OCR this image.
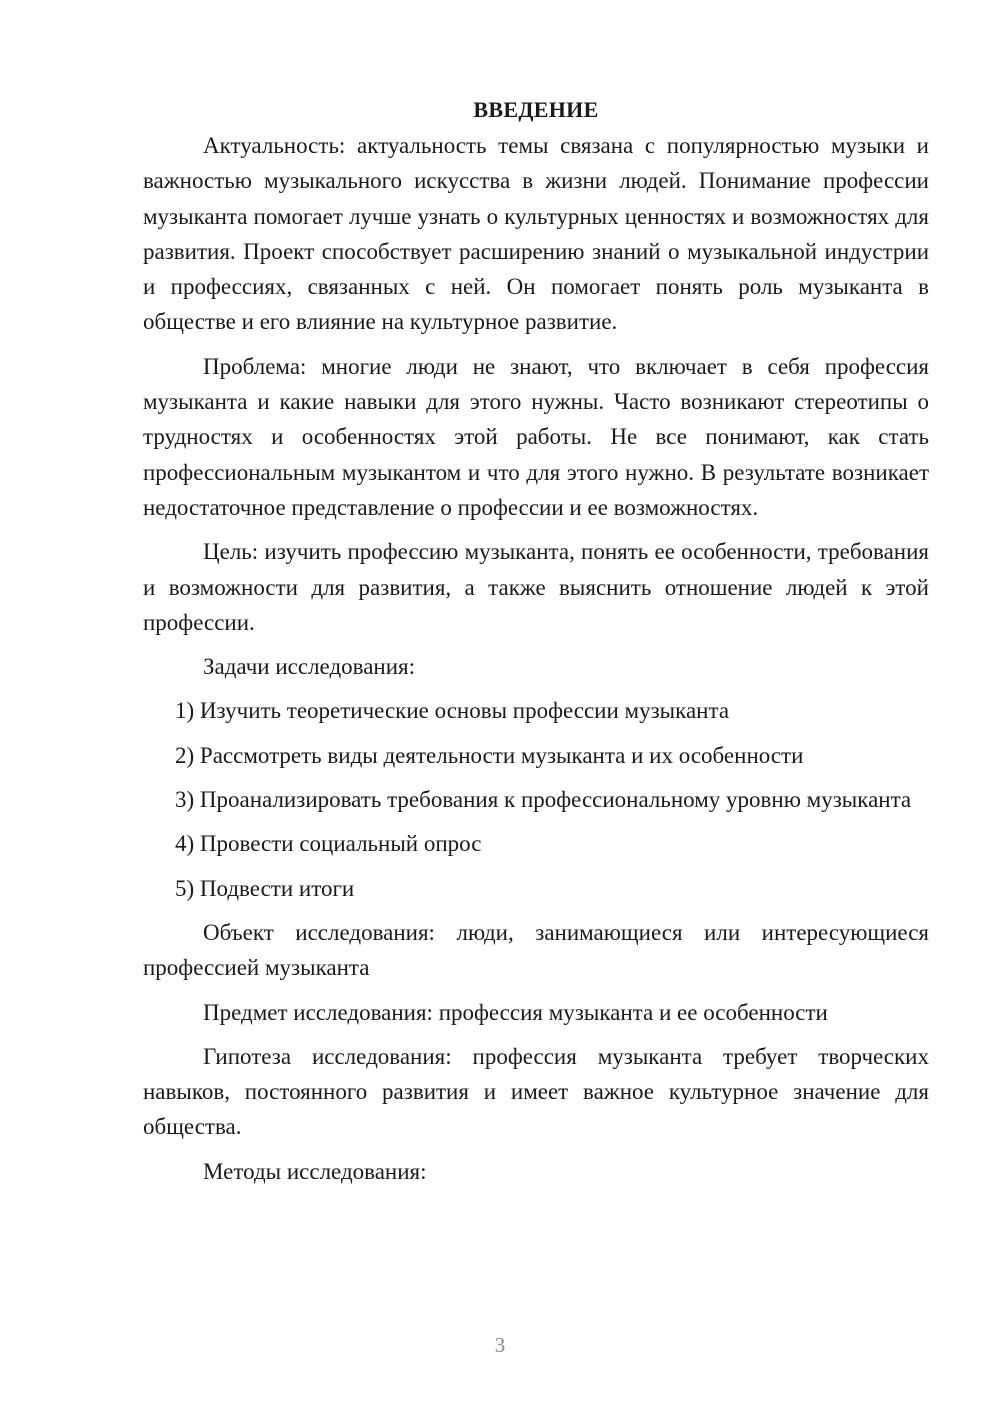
ВВЕДЕНИЕ

Актуальность: актуальность темы связана с популярностью музыки и важностью музыкального искусства в жизни людей. Понимание профессии музыканта помогает лучше узнать о культурных ценностях и возможностях для развития. Проект способствует расширению знаний о музыкальной индустрии и профессиях, связанных с ней. Он помогает понять роль музыканта в обществе и его влияние на культурное развитие.

Проблема: многие люди не знают, что включает в себя профессия музыканта и какие навыки для этого нужны. Часто возникают стереотипы о трудностях и особенностях этой работы. Не все понимают, как стать профессиональным музыкантом и что для этого нужно. В результате возникает недостаточное представление о профессии и ее возможностях.

Цель: изучить профессию музыканта, понять ее особенности, требования и возможности для развития, а также выяснить отношение людей к этой профессии.

Задачи исследования:

1) Изучить теоретические основы профессии музыканта

2) Рассмотреть виды деятельности музыканта и их особенности

3) Проанализировать требования к профессиональному уровню музыканта

4) Провести социальный опрос

5) Подвести итоги

Объект исследования: люди, занимающиеся или интересующиеся профессией музыканта

Предмет исследования: профессия музыканта и ее особенности

Гипотеза исследования: профессия музыканта требует творческих навыков, постоянного развития и имеет важное культурное значение для общества.

Методы исследования:

3
